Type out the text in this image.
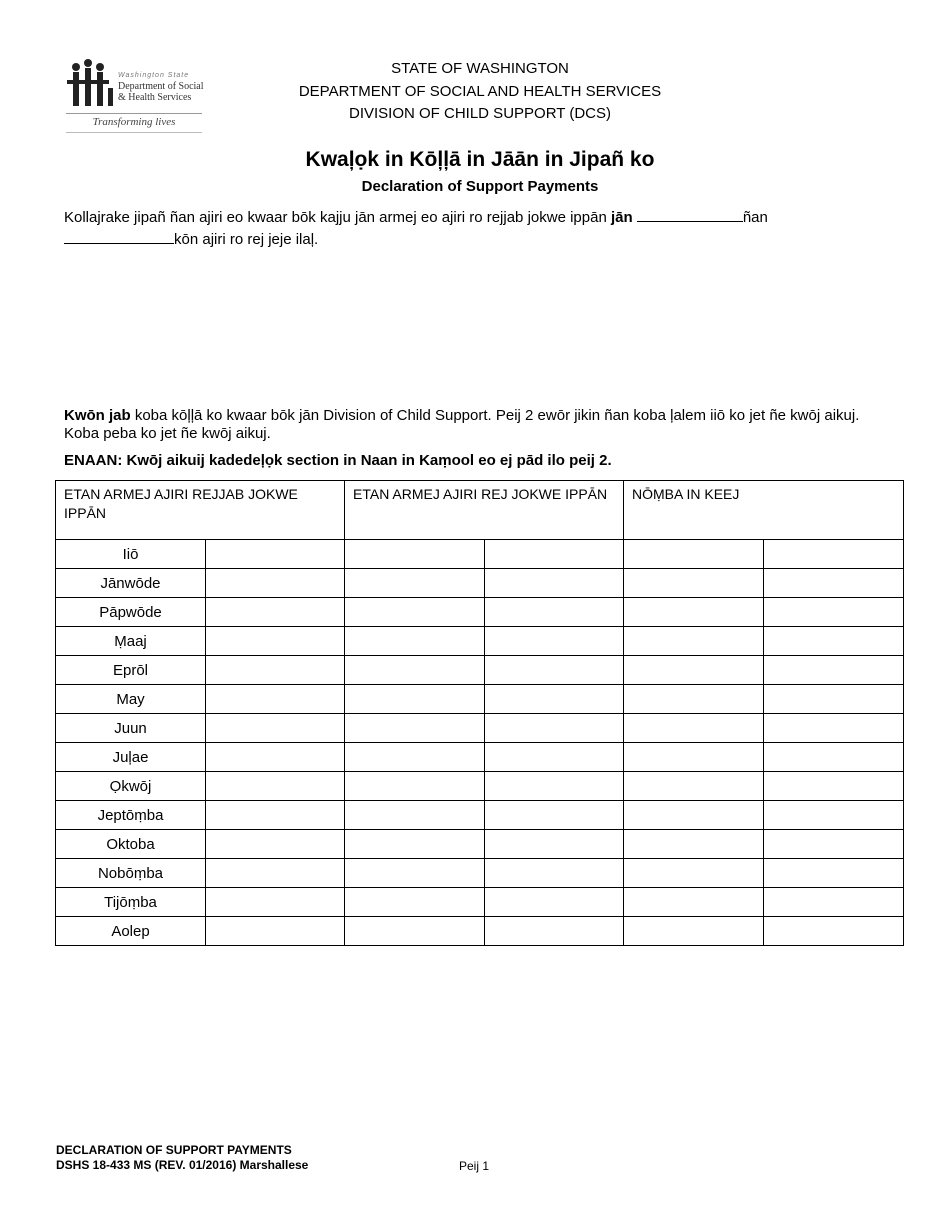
Washington State
Department of Social
& Health Services
Transforming lives
STATE OF WASHINGTON
DEPARTMENT OF SOCIAL AND HEALTH SERVICES
DIVISION OF CHILD SUPPORT (DCS)
Kwaļọk in Kōļļā in Jāān in Jipañ ko
Declaration of Support Payments
Kollajrake jipañ ñan ajiri eo kwaar bōk kajju jān armej eo ajiri ro rejjab jokwe ippān jān	ñan
kōn ajiri ro rej jeje ilaļ.
Kwōn jab koba kōļļā ko kwaar bōk jān Division of Child Support. Peij 2 ewōr jikin ñan koba ļalem iiō ko jet ñe kwōj aikuj. Koba peba ko jet ñe kwōj aikuj.
ENAAN: Kwōj aikuij kadedeļọk section in Naan in Kaṃool eo ej pād ilo peij 2.
ETAN ARMEJ AJIRI REJJAB JOKWE IPPĀN		ETAN ARMEJ AJIRI REJ JOKWE IPPĀN		NŌṂBA IN KEEJ	
Iiō					
Jānwōde					
Pāpwōde					
Ṃaaj					
Eprōl					
May					
Juun					
Juļae					
Ọkwōj					
Jeptōṃba					
Oktoba					
Nobōṃba					
Tijōṃba					
Aolep					
DECLARATION OF SUPPORT PAYMENTS
DSHS 18-433 MS (REV. 01/2016) Marshallese	Peij 1
